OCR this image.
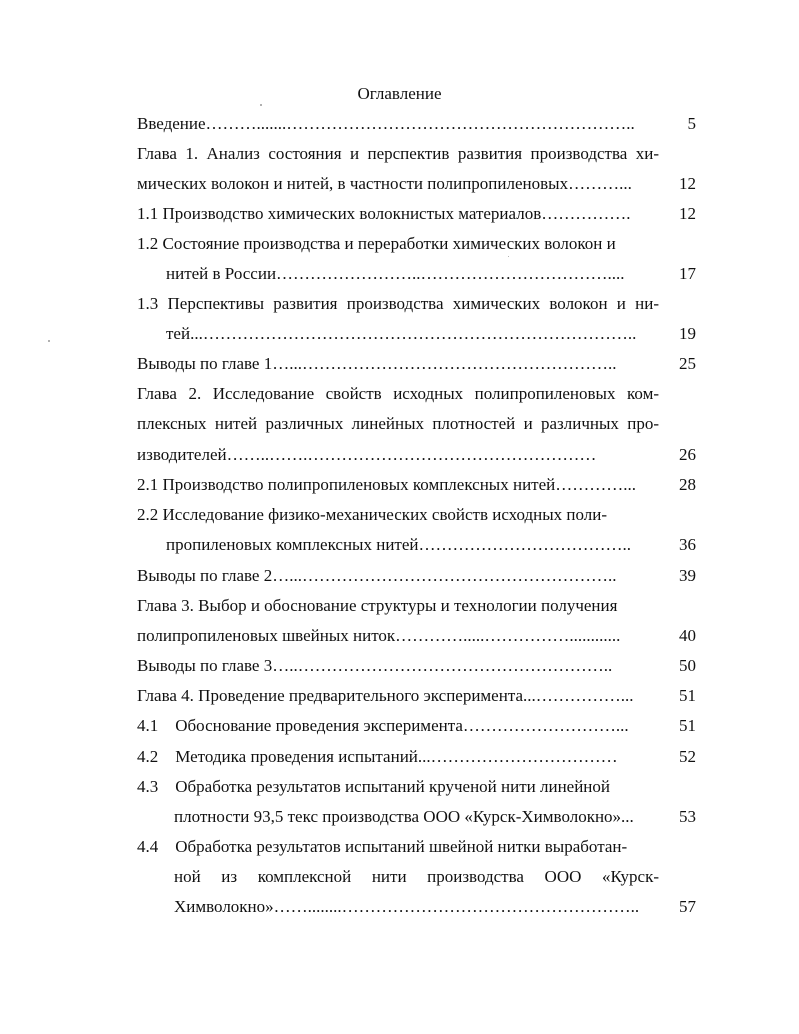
Оглавление
Введение……….......……………………………………………………..	5
Глава 1. Анализ состояния и перспектив развития производства хи-
мических волокон и нитей, в частности полипропиленовых………...	12
1.1 Производство химических волокнистых материалов…………….	12
1.2 Состояние производства и переработки химических волокон и
нитей в России……………………..……………………………....	17
1.3 Перспективы развития производства химических волокон и ни-
тей...…………………………………………………………………..	19
Выводы по главе 1…...………………………………………………..	25
Глава 2. Исследование свойств исходных полипропиленовых ком-
плексных нитей различных линейных плотностей и различных про-
изводителей……..…….……………………………………………	26
2.1 Производство полипропиленовых комплексных нитей…………...	28
2.2 Исследование физико-механических свойств исходных поли-
пропиленовых комплексных нитей………………………………..	36
Выводы по главе 2…...………………………………………………..	39
Глава 3. Выбор и обоснование структуры и технологии получения
полипропиленовых швейных ниток………….....……………............	40
Выводы по главе 3…..………………………………………………..	50
Глава 4. Проведение предварительного эксперимента...……………...	51
4.1    Обоснование проведения эксперимента………………………...	51
4.2    Методика проведения испытаний...……………………………	52
4.3    Обработка результатов испытаний крученой нити линейной
плотности 93,5 текс производства ООО «Курск-Химволокно»...	53
4.4    Обработка результатов испытаний швейной нитки выработан-
ной из комплексной нити производства ООО «Курск-
Химволокно»……........……………………………………………..	57
